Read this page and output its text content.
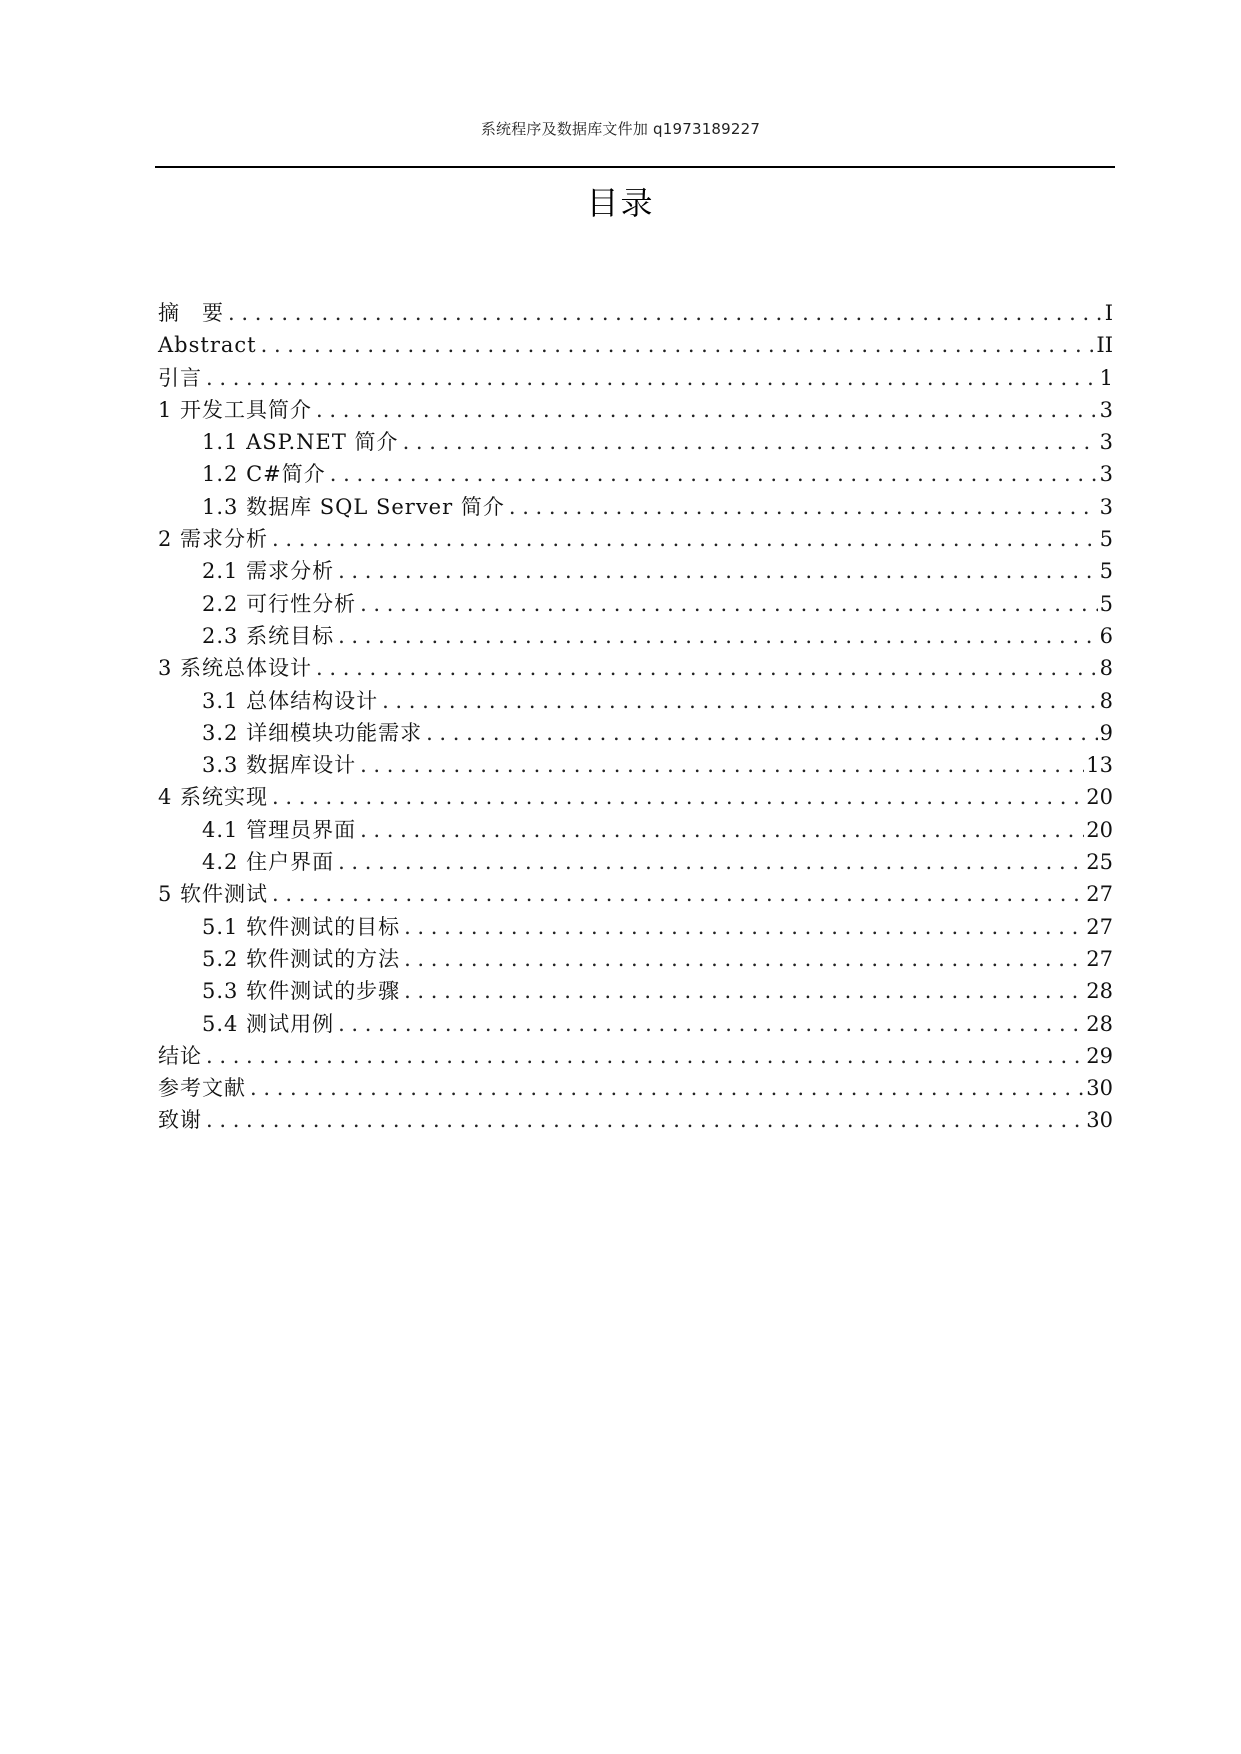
系统程序及数据库文件加 q1973189227
目录
摘　要 . . .	I
Abstract . . .	II
引言 . . .	1
1 开发工具简介 . . .	3
1.1 ASP.NET 简介 . . .	3
1.2 C#简介 . . .	3
1.3 数据库 SQL Server 简介 . . .	3
2 需求分析 . . .	5
2.1 需求分析 . . .	5
2.2 可行性分析 . . .	5
2.3 系统目标 . . .	6
3 系统总体设计 . . .	8
3.1 总体结构设计 . . .	8
3.2 详细模块功能需求 . . .	9
3.3 数据库设计 . . .	13
4 系统实现 . . .	20
4.1 管理员界面 . . .	20
4.2 住户界面 . . .	25
5 软件测试 . . .	27
5.1 软件测试的目标 . . .	27
5.2 软件测试的方法 . . .	27
5.3 软件测试的步骤 . . .	28
5.4 测试用例 . . .	28
结论 . . .	29
参考文献 . . .	30
致谢 . . .	30
